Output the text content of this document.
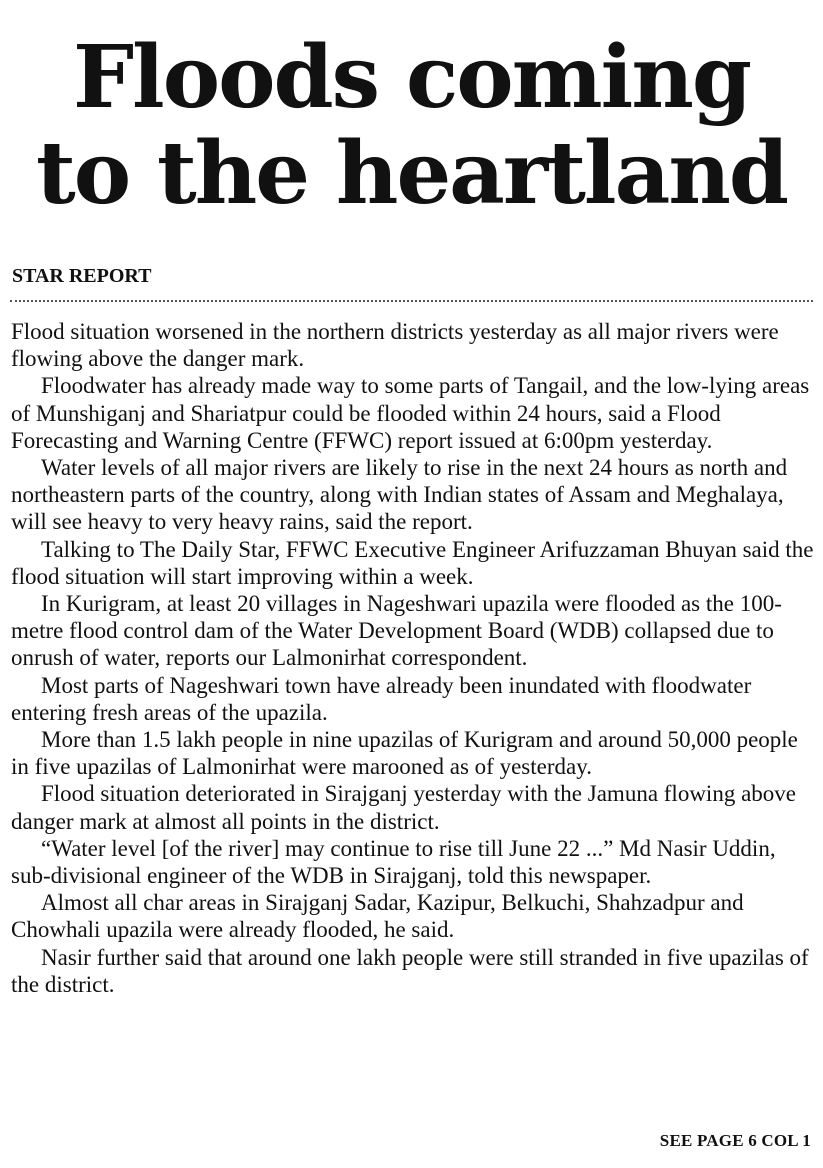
Floods coming
to the heartland
STAR REPORT

Flood situation worsened in the northern districts yesterday as all major rivers were flowing above the danger mark.

Floodwater has already made way to some parts of Tangail, and the low-lying areas of Munshiganj and Shariatpur could be flooded within 24 hours, said a Flood Forecasting and Warning Centre (FFWC) report issued at 6:00pm yesterday.

Water levels of all major rivers are likely to rise in the next 24 hours as north and northeastern parts of the country, along with Indian states of Assam and Meghalaya, will see heavy to very heavy rains, said the report.

Talking to The Daily Star, FFWC Executive Engineer Arifuzzaman Bhuyan said the flood situation will start improving within a week.

In Kurigram, at least 20 villages in Nageshwari upazila were flooded as the 100-metre flood control dam of the Water Development Board (WDB) collapsed due to onrush of water, reports our Lalmonirhat correspondent.

Most parts of Nageshwari town have already been inundated with floodwater entering fresh areas of the upazila.

More than 1.5 lakh people in nine upazilas of Kurigram and around 50,000 people in five upazilas of Lalmonirhat were marooned as of yesterday.

Flood situation deteriorated in Sirajganj yesterday with the Jamuna flowing above danger mark at almost all points in the district.

“Water level [of the river] may continue to rise till June 22 ...” Md Nasir Uddin, sub-divisional engineer of the WDB in Sirajganj, told this newspaper.

Almost all char areas in Sirajganj Sadar, Kazipur, Belkuchi, Shahzadpur and Chowhali upazila were already flooded, he said.

Nasir further said that around one lakh people were still stranded in five upazilas of the district.

SEE PAGE 6 COL 1
